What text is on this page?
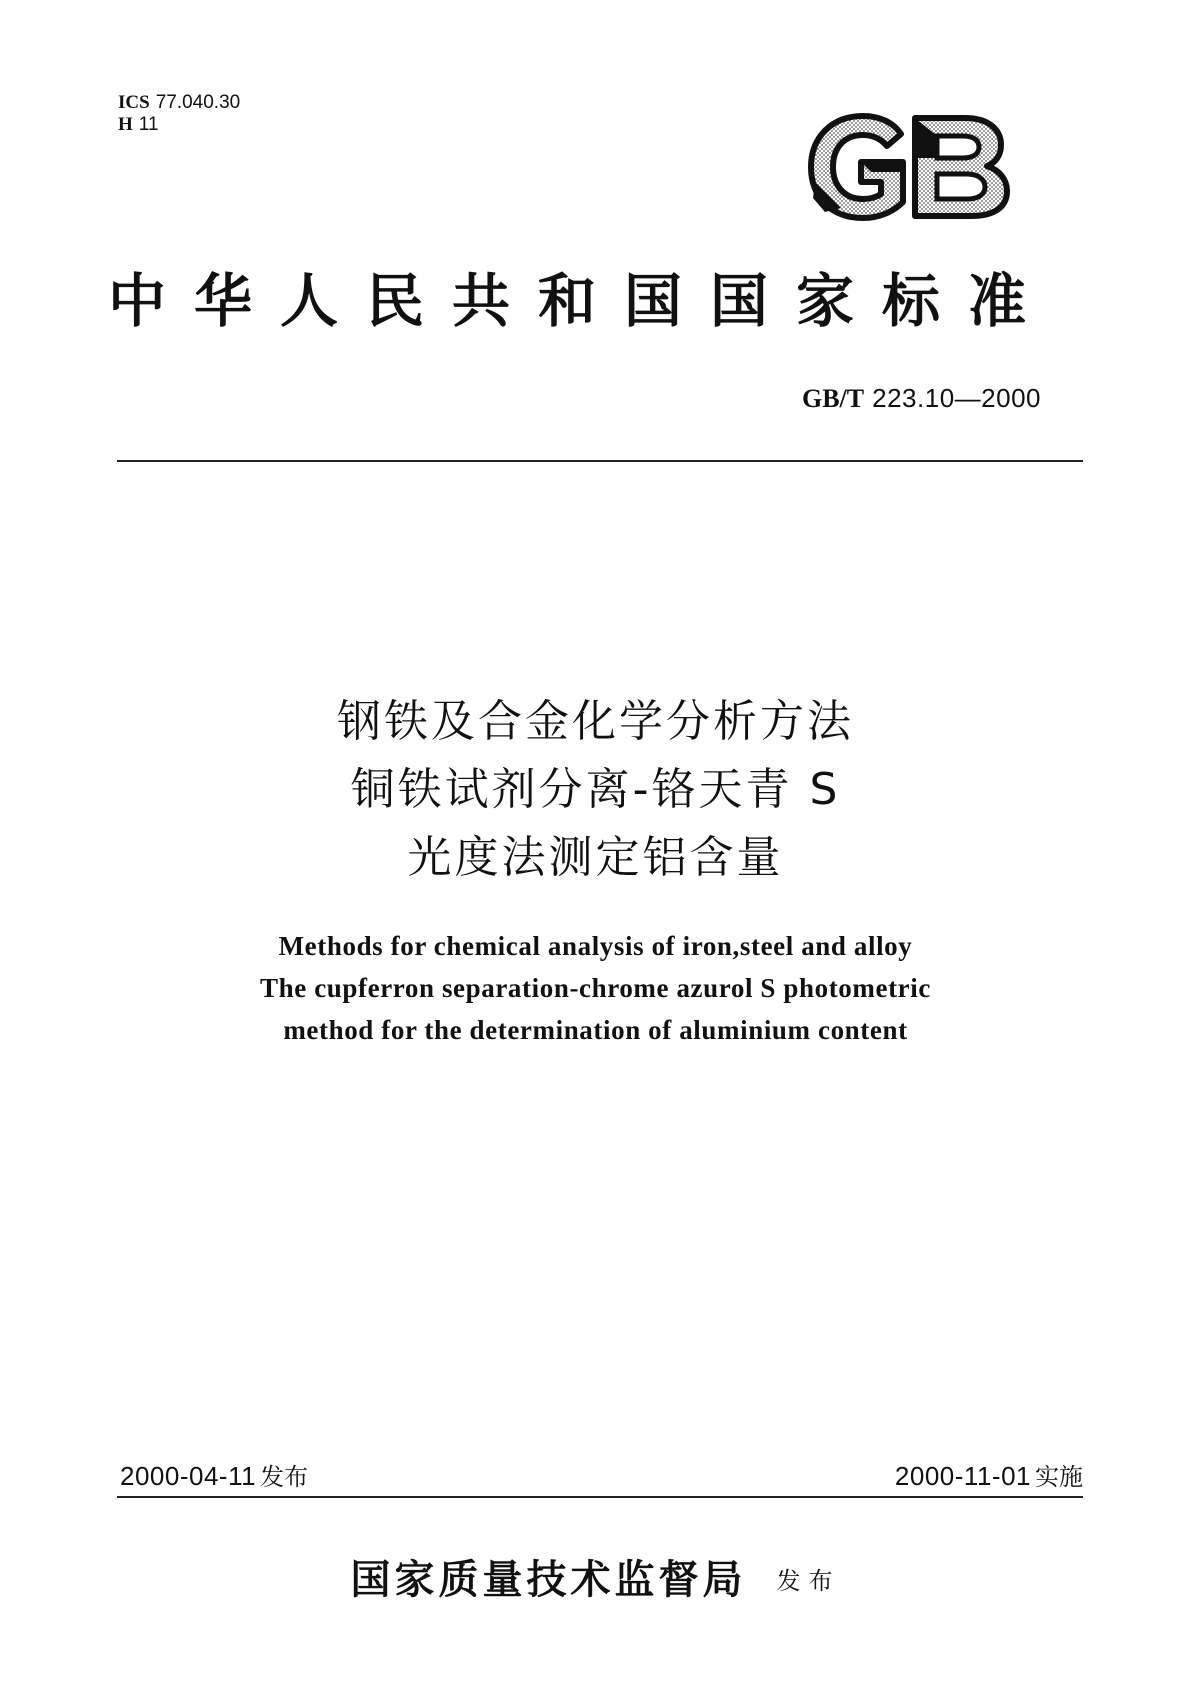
ICS 77.040.30
H 11
中华人民共和国国家标准
GB/T 223.10—2000
钢铁及合金化学分析方法
铜铁试剂分离-铬天青 S
光度法测定铝含量
Methods for chemical analysis of iron,steel and alloy
The cupferron separation-chrome azurol S photometric
method for the determination of aluminium content
2000-04-11 发布	2000-11-01 实施
国家质量技术监督局 发布
